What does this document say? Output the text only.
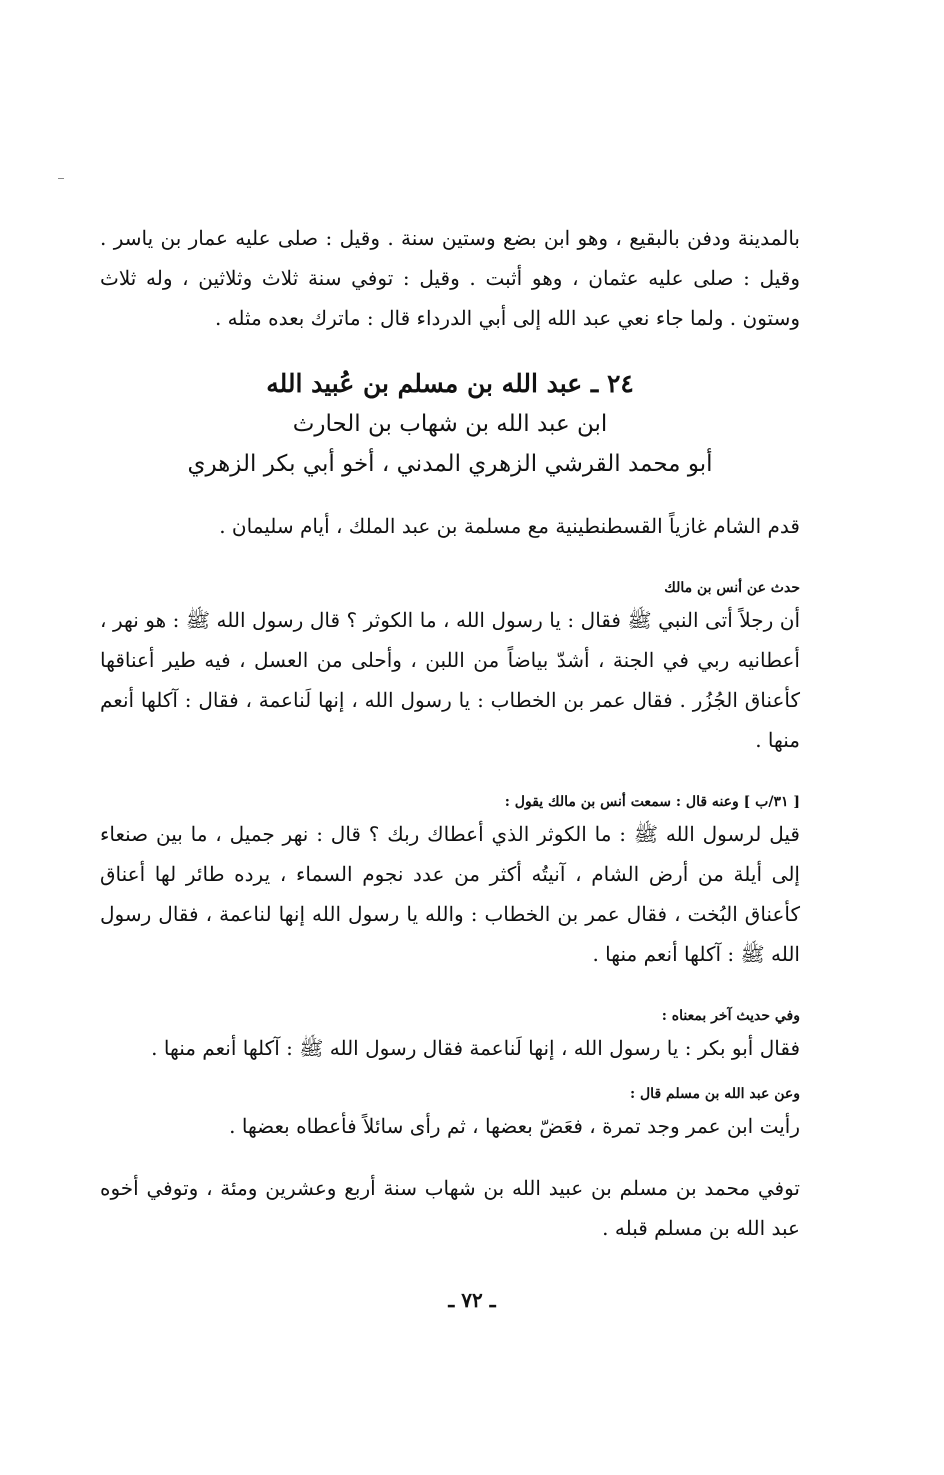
بالمدينة ودفن بالبقيع ، وهو ابن بضع وستين سنة . وقيل : صلى عليه عمار بن ياسر . وقيل : صلى عليه عثمان ، وهو أثبت . وقيل : توفي سنة ثلاث وثلاثين ، وله ثلاث وستون . ولما جاء نعي عبد الله إلى أبي الدرداء قال : ماترك بعده مثله .

٢٤ ـ عبد الله بن مسلم بن عُبيد الله
ابن عبد الله بن شهاب بن الحارث
أبو محمد القرشي الزهري المدني ، أخو أبي بكر الزهري

قدم الشام غازياً القسطنطينية مع مسلمة بن عبد الملك ، أيام سليمان .

حدث عن أنس بن مالك

أن رجلاً أتى النبي ﷺ فقال : يا رسول الله ، ما الكوثر ؟ قال رسول الله ﷺ : هو نهر ، أعطانيه ربي في الجنة ، أشدّ بياضاً من اللبن ، وأحلى من العسل ، فيه طير أعناقها كأعناق الجُزُر . فقال عمر بن الخطاب : يا رسول الله ، إنها لَناعمة ، فقال : آكلها أنعم منها .

[ ٣١/ب ] وعنه قال : سمعت أنس بن مالك يقول :

قيل لرسول الله ﷺ : ما الكوثر الذي أعطاك ربك ؟ قال : نهر جميل ، ما بين صنعاء إلى أيلة من أرض الشام ، آنيتُه أكثر من عدد نجوم السماء ، يرده طائر لها أعناق كأعناق البُخت ، فقال عمر بن الخطاب : والله يا رسول الله إنها لناعمة ، فقال رسول الله ﷺ : آكلها أنعم منها .

وفي حديث آخر بمعناه :

فقال أبو بكر : يا رسول الله ، إنها لَناعمة فقال رسول الله ﷺ : آكلها أنعم منها .

وعن عبد الله بن مسلم قال :

رأيت ابن عمر وجد تمرة ، فعَضّ بعضها ، ثم رأى سائلاً فأعطاه بعضها .

توفي محمد بن مسلم بن عبيد الله بن شهاب سنة أربع وعشرين ومئة ، وتوفي أخوه عبد الله بن مسلم قبله .

ـ ٧٢ ـ
